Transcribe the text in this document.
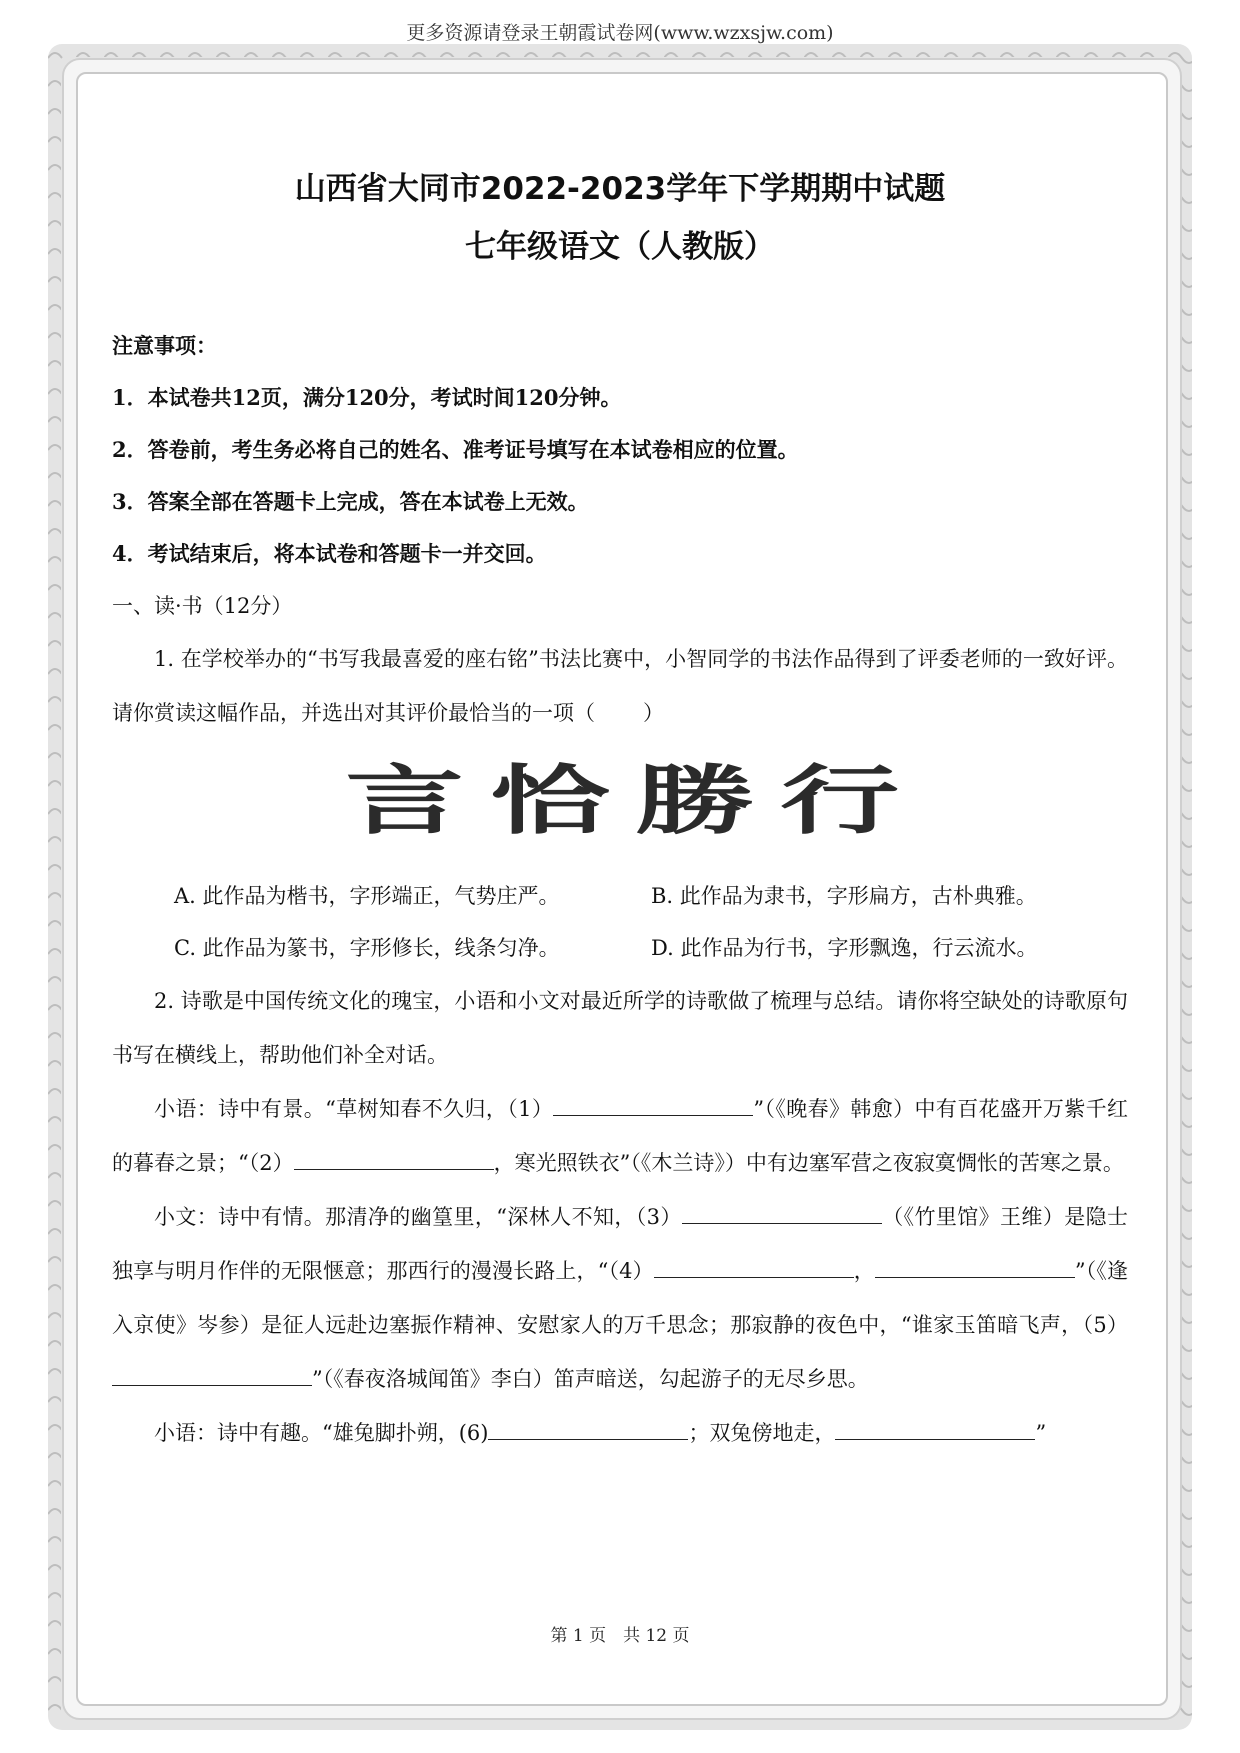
更多资源请登录王朝霞试卷网(www.wzxsjw.com)
山西省大同市2022-2023学年下学期期中试题
七年级语文（人教版）

注意事项：

1．本试卷共12页，满分120分，考试时间120分钟。

2．答卷前，考生务必将自己的姓名、准考证号填写在本试卷相应的位置。

3．答案全部在答题卡上完成，答在本试卷上无效。

4．考试结束后，将本试卷和答题卡一并交回。

一、读·书（12分）

1. 在学校举办的“书写我最喜爱的座右铭”书法比赛中，小智同学的书法作品得到了评委老师的一致好评。请你赏读这幅作品，并选出对其评价最恰当的一项（ ）

言 恰 勝 行
A. 此作品为楷书，字形端正，气势庄严。	B. 此作品为隶书，字形扁方，古朴典雅。
C. 此作品为篆书，字形修长，线条匀净。	D. 此作品为行书，字形飘逸，行云流水。

2. 诗歌是中国传统文化的瑰宝，小语和小文对最近所学的诗歌做了梳理与总结。请你将空缺处的诗歌原句书写在横线上，帮助他们补全对话。

小语：诗中有景。“草树知春不久归，（1）	”（《晚春》韩愈）中有百花盛开万紫千红的暮春之景；“（2）	，寒光照铁衣”（《木兰诗》）中有边塞军营之夜寂寞惆怅的苦寒之景。

小文：诗中有情。那清净的幽篁里，“深林人不知，（3）	（《竹里馆》王维）是隐士独享与明月作伴的无限惬意；那西行的漫漫长路上，“（4）	，	”（《逢入京使》岑参）是征人远赴边塞振作精神、安慰家人的万千思念；那寂静的夜色中，“谁家玉笛暗飞声，（5）”（《春夜洛城闻笛》李白）笛声暗送，勾起游子的无尽乡思。

小语：诗中有趣。“雄兔脚扑朔，(6)	；双兔傍地走，	”

第 1 页　共 12 页
